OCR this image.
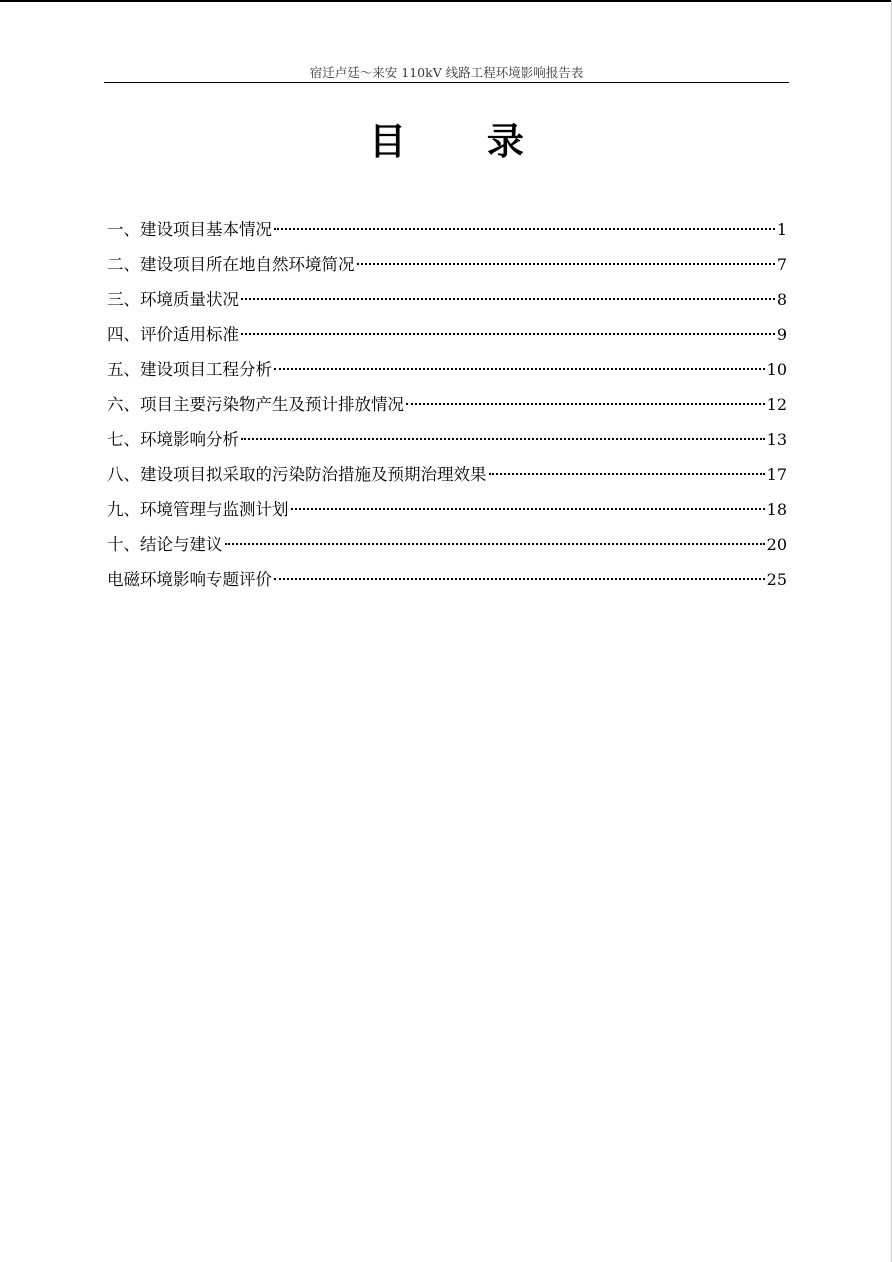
宿迁卢廷～来安 110kV 线路工程环境影响报告表
目 录
一、建设项目基本情况	1
二、建设项目所在地自然环境简况	7
三、环境质量状况	8
四、评价适用标准	9
五、建设项目工程分析	10
六、项目主要污染物产生及预计排放情况	12
七、环境影响分析	13
八、建设项目拟采取的污染防治措施及预期治理效果	17
九、环境管理与监测计划	18
十、结论与建议	20
电磁环境影响专题评价	25
